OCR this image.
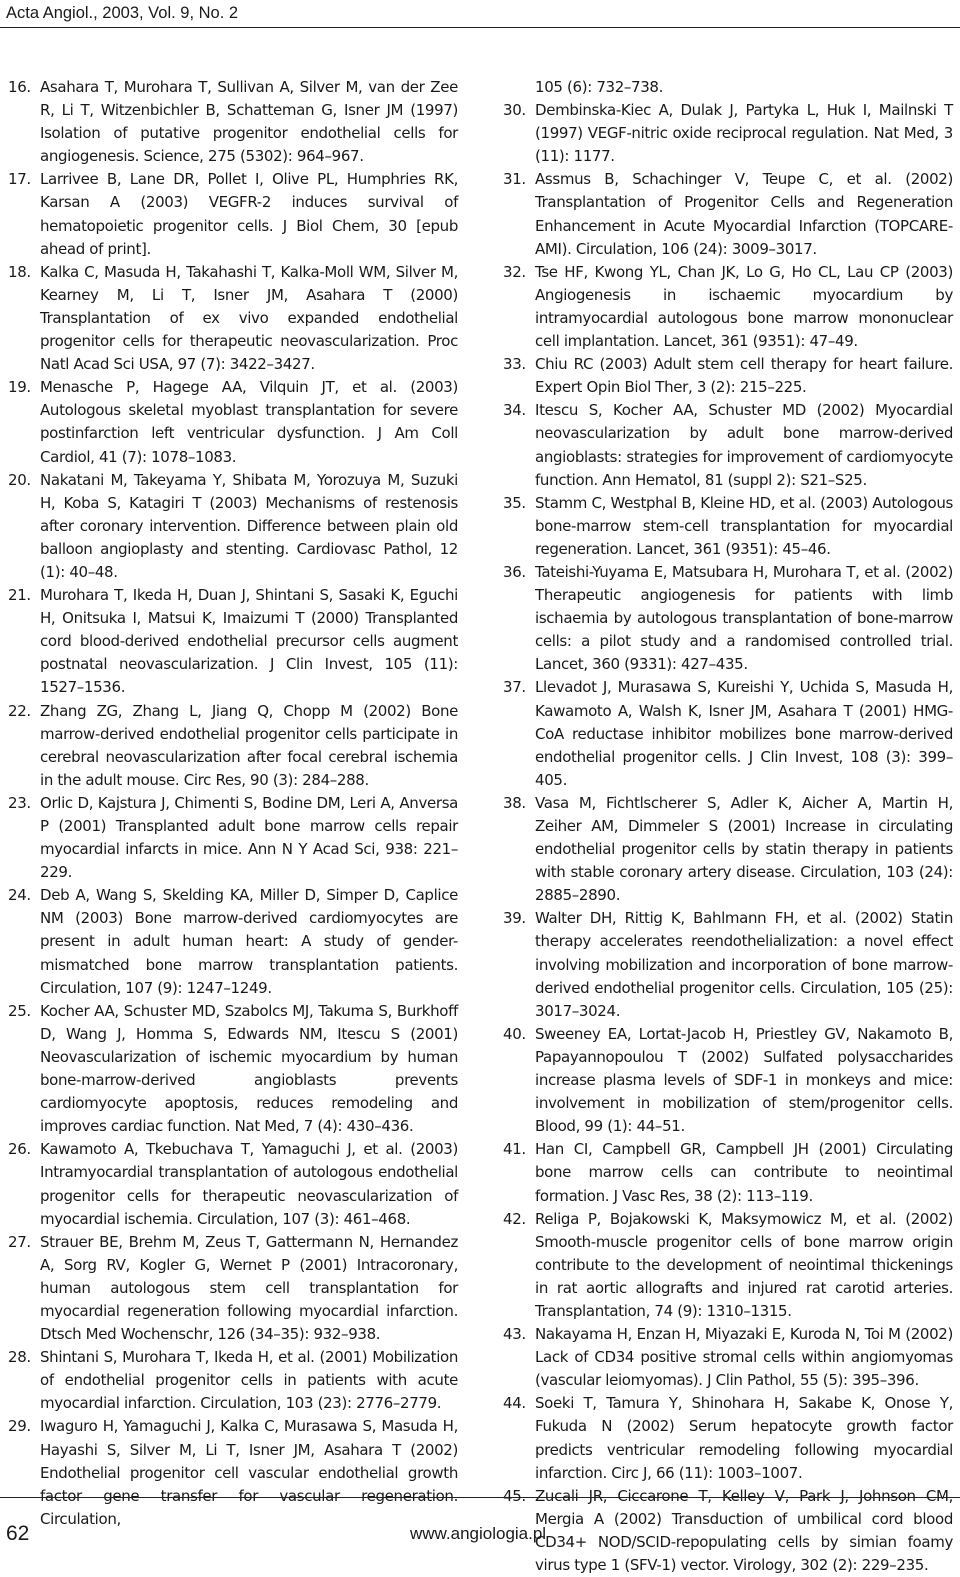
Acta Angiol., 2003, Vol. 9, No. 2
16. Asahara T, Murohara T, Sullivan A, Silver M, van der Zee R, Li T, Witzenbichler B, Schatteman G, Isner JM (1997) Isolation of putative progenitor endothelial cells for angiogenesis. Science, 275 (5302): 964–967.
17. Larrivee B, Lane DR, Pollet I, Olive PL, Humphries RK, Karsan A (2003) VEGFR-2 induces survival of hematopoietic progenitor cells. J Biol Chem, 30 [epub ahead of print].
18. Kalka C, Masuda H, Takahashi T, Kalka-Moll WM, Silver M, Kearney M, Li T, Isner JM, Asahara T (2000) Transplantation of ex vivo expanded endothelial progenitor cells for therapeutic neovascularization. Proc Natl Acad Sci USA, 97 (7): 3422–3427.
19. Menasche P, Hagege AA, Vilquin JT, et al. (2003) Autologous skeletal myoblast transplantation for severe postinfarction left ventricular dysfunction. J Am Coll Cardiol, 41 (7): 1078–1083.
20. Nakatani M, Takeyama Y, Shibata M, Yorozuya M, Suzuki H, Koba S, Katagiri T (2003) Mechanisms of restenosis after coronary intervention. Difference between plain old balloon angioplasty and stenting. Cardiovasc Pathol, 12 (1): 40–48.
21. Murohara T, Ikeda H, Duan J, Shintani S, Sasaki K, Eguchi H, Onitsuka I, Matsui K, Imaizumi T (2000) Transplanted cord blood-derived endothelial precursor cells augment postnatal neovascularization. J Clin Invest, 105 (11): 1527–1536.
22. Zhang ZG, Zhang L, Jiang Q, Chopp M (2002) Bone marrow-derived endothelial progenitor cells participate in cerebral neovascularization after focal cerebral ischemia in the adult mouse. Circ Res, 90 (3): 284–288.
23. Orlic D, Kajstura J, Chimenti S, Bodine DM, Leri A, Anversa P (2001) Transplanted adult bone marrow cells repair myocardial infarcts in mice. Ann N Y Acad Sci, 938: 221–229.
24. Deb A, Wang S, Skelding KA, Miller D, Simper D, Caplice NM (2003) Bone marrow-derived cardiomyocytes are present in adult human heart: A study of gender-mismatched bone marrow transplantation patients. Circulation, 107 (9): 1247–1249.
25. Kocher AA, Schuster MD, Szabolcs MJ, Takuma S, Burkhoff D, Wang J, Homma S, Edwards NM, Itescu S (2001) Neovascularization of ischemic myocardium by human bone-marrow-derived angioblasts prevents cardiomyocyte apoptosis, reduces remodeling and improves cardiac function. Nat Med, 7 (4): 430–436.
26. Kawamoto A, Tkebuchava T, Yamaguchi J, et al. (2003) Intramyocardial transplantation of autologous endothelial progenitor cells for therapeutic neovascularization of myocardial ischemia. Circulation, 107 (3): 461–468.
27. Strauer BE, Brehm M, Zeus T, Gattermann N, Hernandez A, Sorg RV, Kogler G, Wernet P (2001) Intracoronary, human autologous stem cell transplantation for myocardial regeneration following myocardial infarction. Dtsch Med Wochenschr, 126 (34–35): 932–938.
28. Shintani S, Murohara T, Ikeda H, et al. (2001) Mobilization of endothelial progenitor cells in patients with acute myocardial infarction. Circulation, 103 (23): 2776–2779.
29. Iwaguro H, Yamaguchi J, Kalka C, Murasawa S, Masuda H, Hayashi S, Silver M, Li T, Isner JM, Asahara T (2002) Endothelial progenitor cell vascular endothelial growth factor gene transfer for vascular regeneration. Circulation,
105 (6): 732–738.
30. Dembinska-Kiec A, Dulak J, Partyka L, Huk I, Mailnski T (1997) VEGF-nitric oxide reciprocal regulation. Nat Med, 3 (11): 1177.
31. Assmus B, Schachinger V, Teupe C, et al. (2002) Transplantation of Progenitor Cells and Regeneration Enhancement in Acute Myocardial Infarction (TOPCARE-AMI). Circulation, 106 (24): 3009–3017.
32. Tse HF, Kwong YL, Chan JK, Lo G, Ho CL, Lau CP (2003) Angiogenesis in ischaemic myocardium by intramyocardial autologous bone marrow mononuclear cell implantation. Lancet, 361 (9351): 47–49.
33. Chiu RC (2003) Adult stem cell therapy for heart failure. Expert Opin Biol Ther, 3 (2): 215–225.
34. Itescu S, Kocher AA, Schuster MD (2002) Myocardial neovascularization by adult bone marrow-derived angioblasts: strategies for improvement of cardiomyocyte function. Ann Hematol, 81 (suppl 2): S21–S25.
35. Stamm C, Westphal B, Kleine HD, et al. (2003) Autologous bone-marrow stem-cell transplantation for myocardial regeneration. Lancet, 361 (9351): 45–46.
36. Tateishi-Yuyama E, Matsubara H, Murohara T, et al. (2002) Therapeutic angiogenesis for patients with limb ischaemia by autologous transplantation of bone-marrow cells: a pilot study and a randomised controlled trial. Lancet, 360 (9331): 427–435.
37. Llevadot J, Murasawa S, Kureishi Y, Uchida S, Masuda H, Kawamoto A, Walsh K, Isner JM, Asahara T (2001) HMG-CoA reductase inhibitor mobilizes bone marrow-derived endothelial progenitor cells. J Clin Invest, 108 (3): 399–405.
38. Vasa M, Fichtlscherer S, Adler K, Aicher A, Martin H, Zeiher AM, Dimmeler S (2001) Increase in circulating endothelial progenitor cells by statin therapy in patients with stable coronary artery disease. Circulation, 103 (24): 2885–2890.
39. Walter DH, Rittig K, Bahlmann FH, et al. (2002) Statin therapy accelerates reendothelialization: a novel effect involving mobilization and incorporation of bone marrow-derived endothelial progenitor cells. Circulation, 105 (25): 3017–3024.
40. Sweeney EA, Lortat-Jacob H, Priestley GV, Nakamoto B, Papayannopoulou T (2002) Sulfated polysaccharides increase plasma levels of SDF-1 in monkeys and mice: involvement in mobilization of stem/progenitor cells. Blood, 99 (1): 44–51.
41. Han CI, Campbell GR, Campbell JH (2001) Circulating bone marrow cells can contribute to neointimal formation. J Vasc Res, 38 (2): 113–119.
42. Religa P, Bojakowski K, Maksymowicz M, et al. (2002) Smooth-muscle progenitor cells of bone marrow origin contribute to the development of neointimal thickenings in rat aortic allografts and injured rat carotid arteries. Transplantation, 74 (9): 1310–1315.
43. Nakayama H, Enzan H, Miyazaki E, Kuroda N, Toi M (2002) Lack of CD34 positive stromal cells within angiomyomas (vascular leiomyomas). J Clin Pathol, 55 (5): 395–396.
44. Soeki T, Tamura Y, Shinohara H, Sakabe K, Onose Y, Fukuda N (2002) Serum hepatocyte growth factor predicts ventricular remodeling following myocardial infarction. Circ J, 66 (11): 1003–1007.
45. Zucali JR, Ciccarone T, Kelley V, Park J, Johnson CM, Mergia A (2002) Transduction of umbilical cord blood CD34+ NOD/SCID-repopulating cells by simian foamy virus type 1 (SFV-1) vector. Virology, 302 (2): 229–235.
62	www.angiologia.pl
